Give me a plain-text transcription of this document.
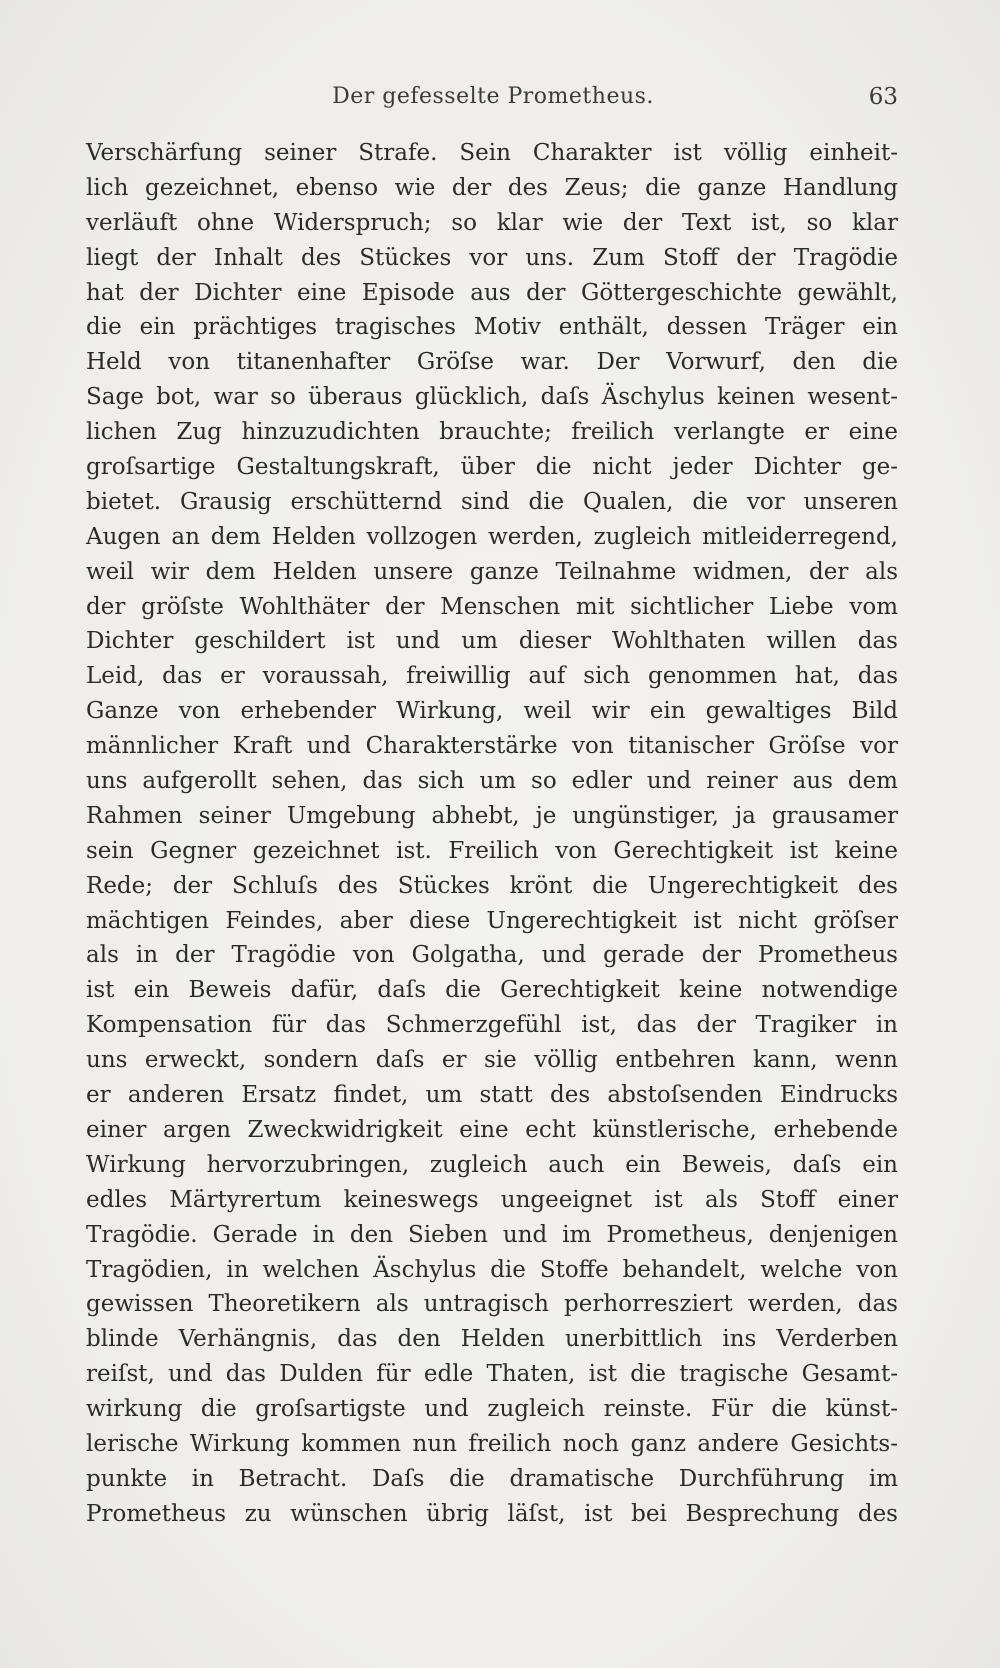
Der gefesselte Prometheus.	63
Verschärfung seiner Strafe. Sein Charakter ist völlig einheit-
lich gezeichnet, ebenso wie der des Zeus; die ganze Handlung
verläuft ohne Widerspruch; so klar wie der Text ist, so klar
liegt der Inhalt des Stückes vor uns. Zum Stoff der Tragödie
hat der Dichter eine Episode aus der Göttergeschichte gewählt,
die ein prächtiges tragisches Motiv enthält, dessen Träger ein
Held von titanenhafter Gröſse war. Der Vorwurf, den die
Sage bot, war so überaus glücklich, daſs Äschylus keinen wesent-
lichen Zug hinzuzudichten brauchte; freilich verlangte er eine
groſsartige Gestaltungskraft, über die nicht jeder Dichter ge-
bietet. Grausig erschütternd sind die Qualen, die vor unseren
Augen an dem Helden vollzogen werden, zugleich mitleiderregend,
weil wir dem Helden unsere ganze Teilnahme widmen, der als
der gröſste Wohlthäter der Menschen mit sichtlicher Liebe vom
Dichter geschildert ist und um dieser Wohlthaten willen das
Leid, das er voraussah, freiwillig auf sich genommen hat, das
Ganze von erhebender Wirkung, weil wir ein gewaltiges Bild
männlicher Kraft und Charakterstärke von titanischer Gröſse vor
uns aufgerollt sehen, das sich um so edler und reiner aus dem
Rahmen seiner Umgebung abhebt, je ungünstiger, ja grausamer
sein Gegner gezeichnet ist. Freilich von Gerechtigkeit ist keine
Rede; der Schluſs des Stückes krönt die Ungerechtigkeit des
mächtigen Feindes, aber diese Ungerechtigkeit ist nicht gröſser
als in der Tragödie von Golgatha, und gerade der Prometheus
ist ein Beweis dafür, daſs die Gerechtigkeit keine notwendige
Kompensation für das Schmerzgefühl ist, das der Tragiker in
uns erweckt, sondern daſs er sie völlig entbehren kann, wenn
er anderen Ersatz findet, um statt des abstoſsenden Eindrucks
einer argen Zweckwidrigkeit eine echt künstlerische, erhebende
Wirkung hervorzubringen, zugleich auch ein Beweis, daſs ein
edles Märtyrertum keineswegs ungeeignet ist als Stoff einer
Tragödie. Gerade in den Sieben und im Prometheus, denjenigen
Tragödien, in welchen Äschylus die Stoffe behandelt, welche von
gewissen Theoretikern als untragisch perhorresziert werden, das
blinde Verhängnis, das den Helden unerbittlich ins Verderben
reiſst, und das Dulden für edle Thaten, ist die tragische Gesamt-
wirkung die groſsartigste und zugleich reinste. Für die künst-
lerische Wirkung kommen nun freilich noch ganz andere Gesichts-
punkte in Betracht. Daſs die dramatische Durchführung im
Prometheus zu wünschen übrig läſst, ist bei Besprechung des
